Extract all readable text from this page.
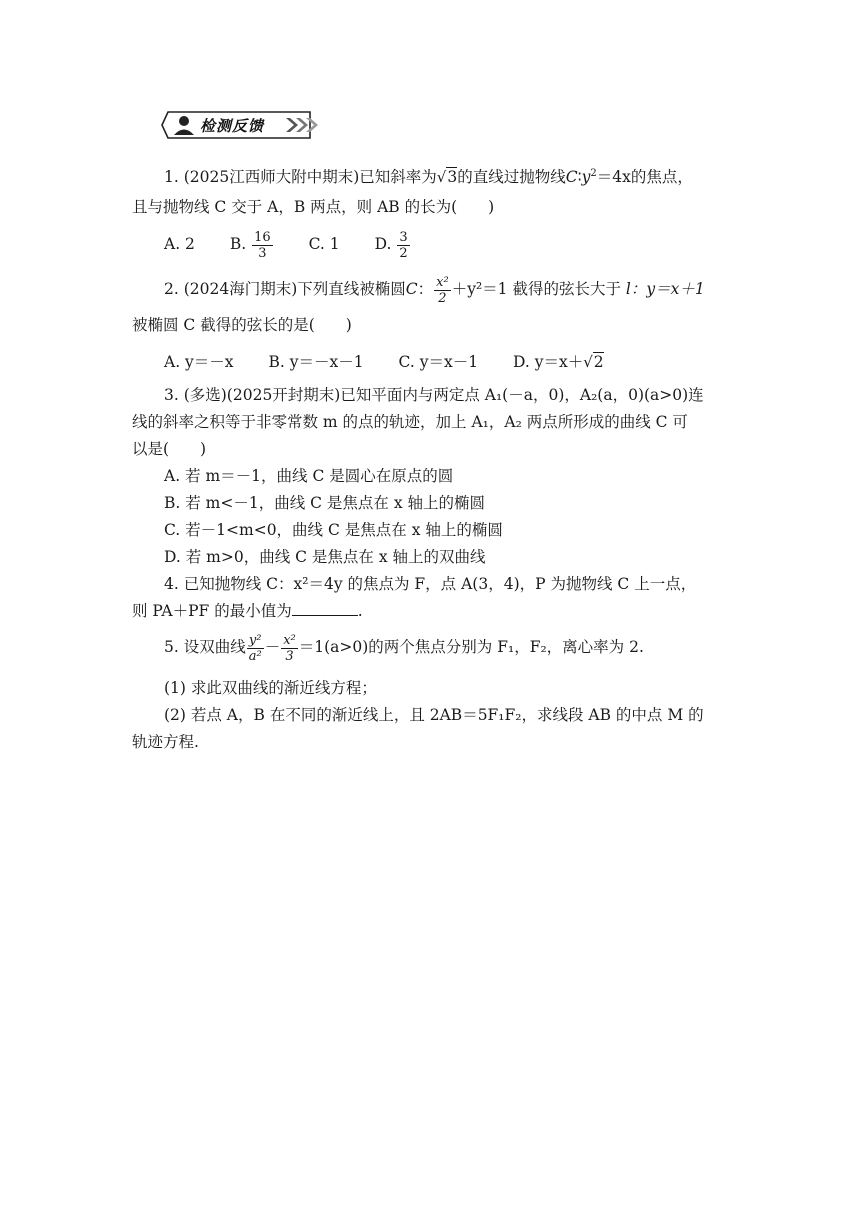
检测反馈
1. (2025江西师大附中期末)已知斜率为√3的直线过抛物线$C∶y^2=4x$的焦点，
且与抛物线 C 交于 A，B 两点，则 AB 的长为(　　)
A. 2 B. $\frac{16}{3} C$. 1 D. $\frac{3}{2}$
2. (2024海门期末)下列直线被椭圆C： $\frac{\text{x²}}{2} +y^2=1$ 截得的弦长大于 l：y＝x＋1
被椭圆 C 截得的弦长的是(　　)
A. y＝－x B. y＝－x－1 C. y＝x－1 D. y＝x＋√2
3. (多选)(2025开封期末)已知平面内与两定点 A₁(－a，0)，A₂(a，0)(a>0)连
线的斜率之积等于非零常数 m 的点的轨迹，加上 A₁，A₂ 两点所形成的曲线 C 可
以是(　　)
A. 若 m＝－1，曲线 C 是圆心在原点的圆
B. 若 m<－1，曲线 C 是焦点在 x 轴上的椭圆
C. 若－1<m<0，曲线 C 是焦点在 x 轴上的椭圆
D. 若 m>0，曲线 C 是焦点在 x 轴上的双曲线
4. 已知抛物线 C：x²＝4y 的焦点为 F，点 A(3，4)，P 为抛物线 C 上一点，
则 PA＋PF 的最小值为	.
5. 设双曲线 $\frac{\text{y²}}{\text{a²}} - \frac{\text{x²}}{3} =1(a>0)$的两个焦点分别为 F₁，F₂，离心率为 2.
(1) 求此双曲线的渐近线方程；
(2) 若点 A，B 在不同的渐近线上，且 2AB＝5F₁F₂，求线段 AB 的中点 M 的
轨迹方程.
